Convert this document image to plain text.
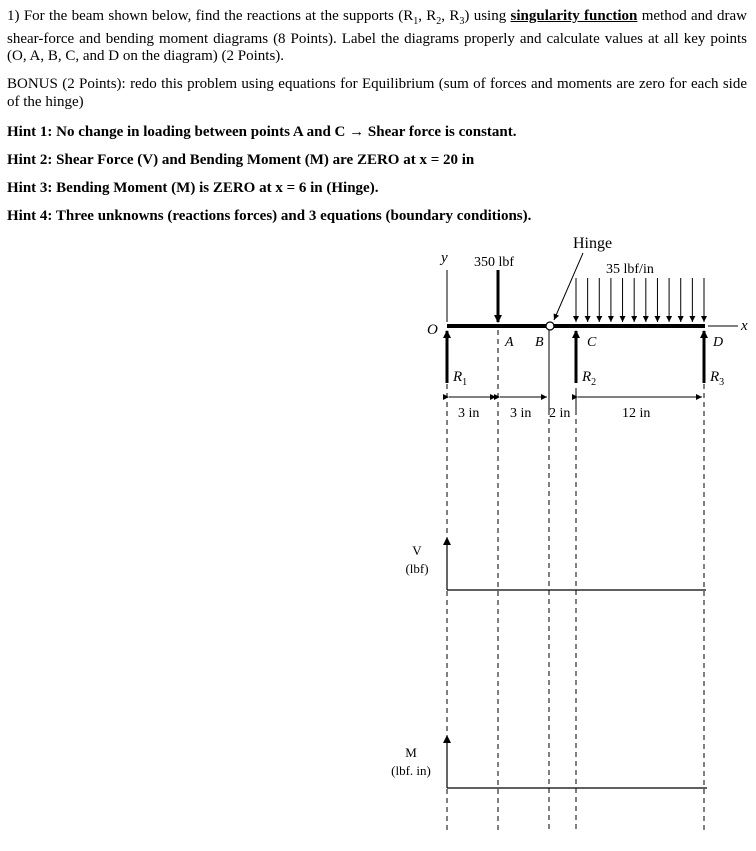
1) For the beam shown below, find the reactions at the supports ($R_1$, $R_2$, $R_3$) using singularity function method and draw shear-force and bending moment diagrams (8 Points). Label the diagrams properly and calculate values at all key points (O, A, B, C, and D on the diagram) (2 Points).

BONUS (2 Points): redo this problem using equations for Equilibrium (sum of forces and moments are zero for each side of the hinge)

Hint 1: No change in loading between points A and C → Shear force is constant.

Hint 2: Shear Force (V) and Bending Moment (M) are ZERO at x = 20 in

Hint 3: Bending Moment (M) is ZERO at x = 6 in (Hinge).

Hint 4: Three unknowns (reactions forces) and 3 equations (boundary conditions).

Hinge
y 350 lbf	35 lbf/in
x
O
A B	C	D
$R_1$	$R_2$	$R_3$
3 in 3 in 2 in	12 in
V
(lbf)
M
(lbf. in)
